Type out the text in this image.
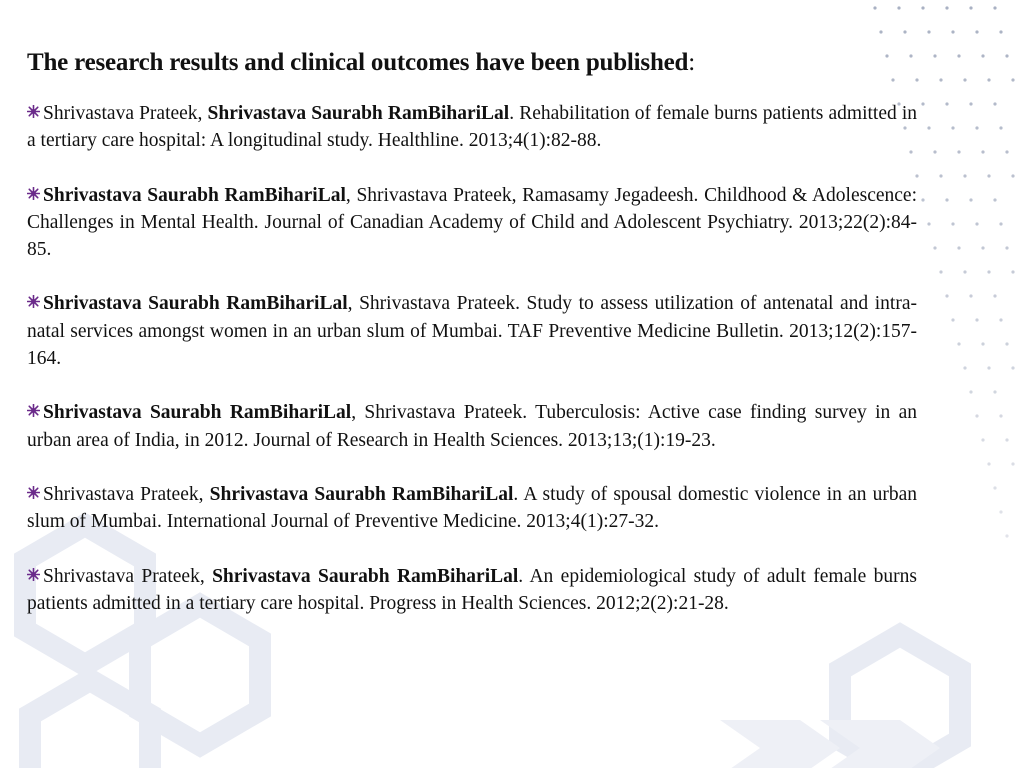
The research results and clinical outcomes have been published:
Shrivastava Prateek, Shrivastava Saurabh RamBihariLal. Rehabilitation of female burns patients admitted in a tertiary care hospital: A longitudinal study. Healthline. 2013;4(1):82-88.
Shrivastava Saurabh RamBihariLal, Shrivastava Prateek, Ramasamy Jegadeesh. Childhood & Adolescence: Challenges in Mental Health. Journal of Canadian Academy of Child and Adolescent Psychiatry. 2013;22(2):84-85.
Shrivastava Saurabh RamBihariLal, Shrivastava Prateek. Study to assess utilization of antenatal and intra-natal services amongst women in an urban slum of Mumbai. TAF Preventive Medicine Bulletin. 2013;12(2):157-164.
Shrivastava Saurabh RamBihariLal, Shrivastava Prateek. Tuberculosis: Active case finding survey in an urban area of India, in 2012. Journal of Research in Health Sciences. 2013;13;(1):19-23.
Shrivastava Prateek, Shrivastava Saurabh RamBihariLal. A study of spousal domestic violence in an urban slum of Mumbai. International Journal of Preventive Medicine. 2013;4(1):27-32.
Shrivastava Prateek, Shrivastava Saurabh RamBihariLal. An epidemiological study of adult female burns patients admitted in a tertiary care hospital. Progress in Health Sciences. 2012;2(2):21-28.
